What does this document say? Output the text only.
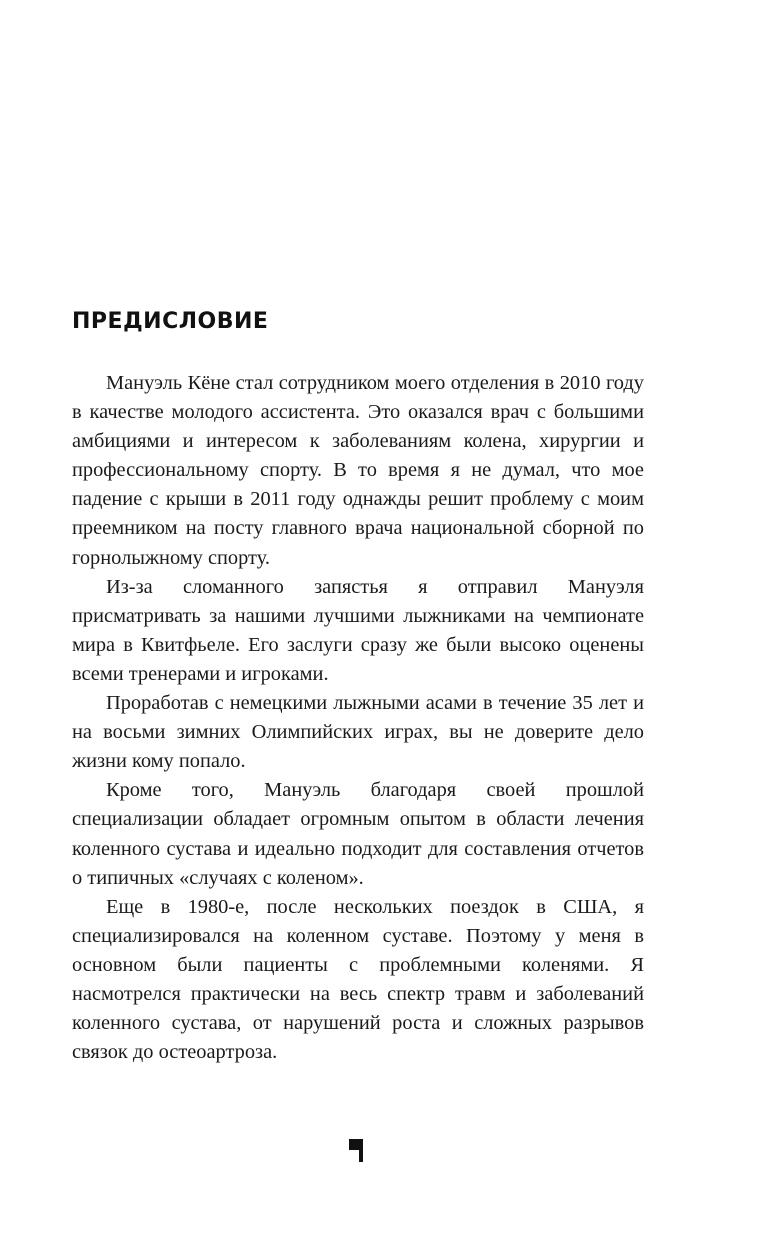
ПРЕДИСЛОВИЕ

Мануэль Кёне стал сотрудником моего отделения в 2010 году в качестве молодого ассистента. Это оказался врач с большими амбициями и интересом к заболеваниям колена, хирургии и профессиональному спорту. В то время я не думал, что мое падение с крыши в 2011 году однажды решит проблему с моим преемником на посту главного врача национальной сборной по горнолыжному спорту.

Из-за сломанного запястья я отправил Мануэля присматривать за нашими лучшими лыжниками на чемпионате мира в Квитфьеле. Его заслуги сразу же были высоко оценены всеми тренерами и игроками.

Проработав с немецкими лыжными асами в течение 35 лет и на восьми зимних Олимпийских играх, вы не доверите дело жизни кому попало.

Кроме того, Мануэль благодаря своей прошлой специализации обладает огромным опытом в области лечения коленного сустава и идеально подходит для составления отчетов о типичных «случаях с коленом».

Еще в 1980-е, после нескольких поездок в США, я специализировался на коленном суставе. Поэтому у меня в основном были пациенты с проблемными коленями. Я насмотрелся практически на весь спектр травм и заболеваний коленного сустава, от нарушений роста и сложных разрывов связок до остеоартроза.
